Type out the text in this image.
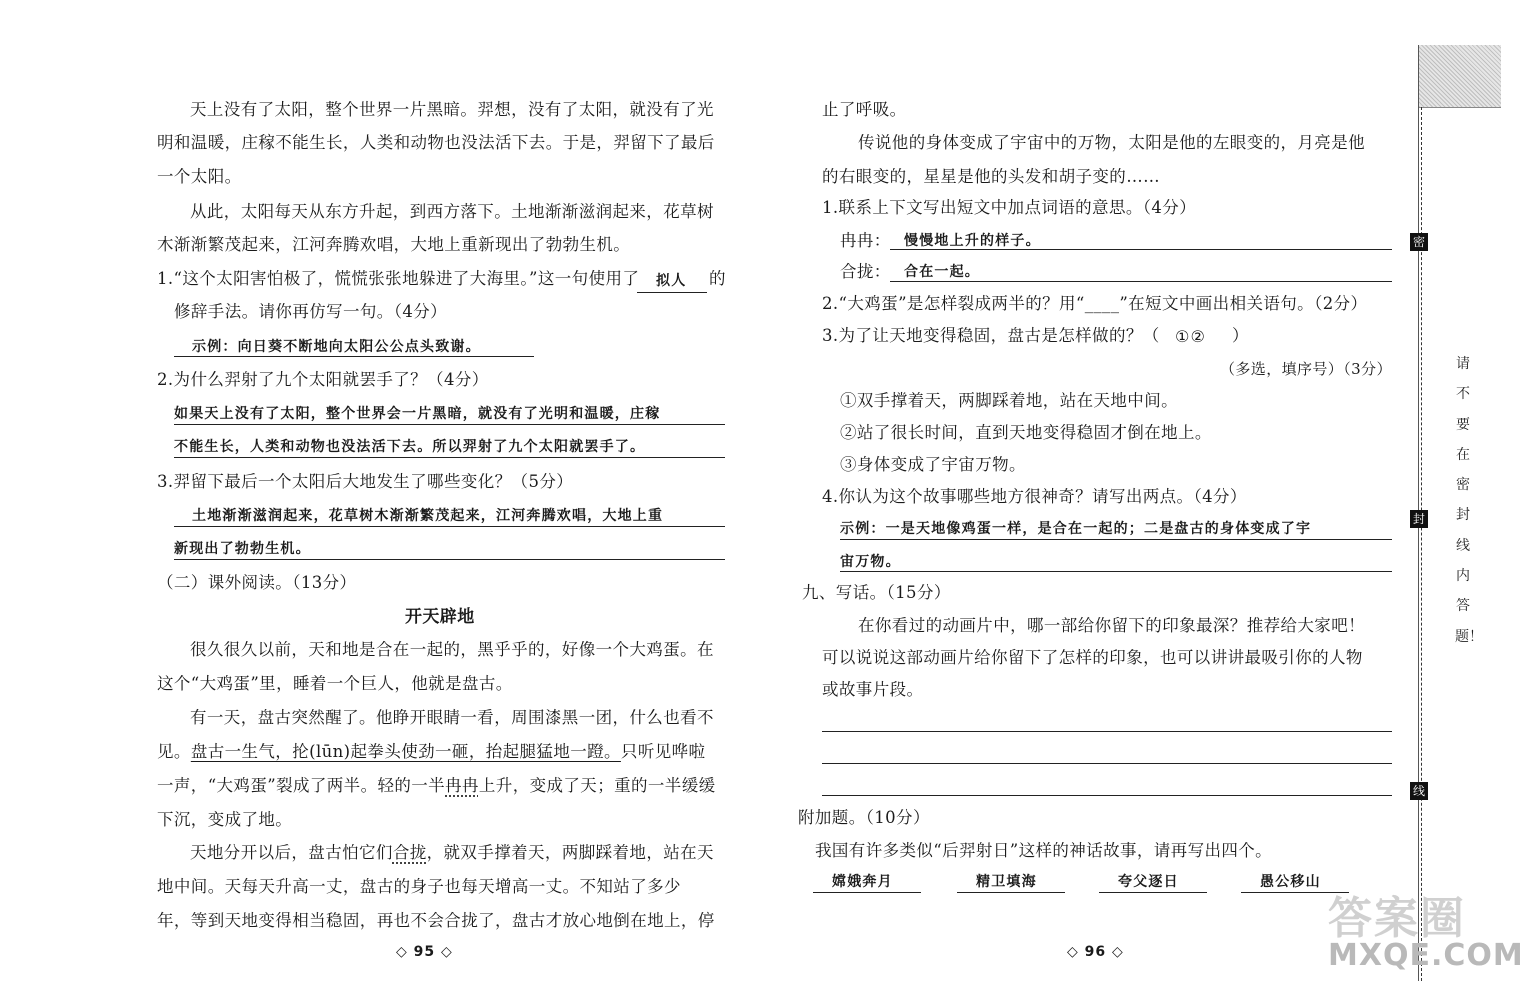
天上没有了太阳，整个世界一片黑暗。羿想，没有了太阳，就没有了光
明和温暖，庄稼不能生长，人类和动物也没法活下去。于是，羿留下了最后
一个太阳。
从此，太阳每天从东方升起，到西方落下。土地渐渐滋润起来，花草树
木渐渐繁茂起来，江河奔腾欢唱，大地上重新现出了勃勃生机。
1.“这个太阳害怕极了，慌慌张张地躲进了大海里。”这一句使用了 拟人 的
修辞手法。请你再仿写一句。（4分）
示例：向日葵不断地向太阳公公点头致谢。
2.为什么羿射了九个太阳就罢手了？（4分）
如果天上没有了太阳，整个世界会一片黑暗，就没有了光明和温暖，庄稼
不能生长，人类和动物也没法活下去。所以羿射了九个太阳就罢手了。
3.羿留下最后一个太阳后大地发生了哪些变化？（5分）
土地渐渐滋润起来，花草树木渐渐繁茂起来，江河奔腾欢唱，大地上重
新现出了勃勃生机。
（二）课外阅读。（13分）
开天辟地
很久很久以前，天和地是合在一起的，黑乎乎的，好像一个大鸡蛋。在
这个“大鸡蛋”里，睡着一个巨人，他就是盘古。
有一天，盘古突然醒了。他睁开眼睛一看，周围漆黑一团，什么也看不
见。盘古一生气，抡(lūn)起拳头使劲一砸，抬起腿猛地一蹬。只听见哗啦
一声，“大鸡蛋”裂成了两半。轻的一半冉冉上升，变成了天；重的一半缓缓
下沉，变成了地。
天地分开以后，盘古怕它们合拢，就双手撑着天，两脚踩着地，站在天
地中间。天每天升高一丈，盘古的身子也每天增高一丈。不知站了多少
年，等到天地变得相当稳固，再也不会合拢了，盘古才放心地倒在地上，停
◇ 95 ◇
止了呼吸。
传说他的身体变成了宇宙中的万物，太阳是他的左眼变的，月亮是他
的右眼变的，星星是他的头发和胡子变的……
1.联系上下文写出短文中加点词语的意思。（4分）
冉冉： 慢慢地上升的样子。
合拢： 合在一起。
2.“大鸡蛋”是怎样裂成两半的？用“____”在短文中画出相关语句。（2分）
3.为了让天地变得稳固，盘古是怎样做的？（ ①② ）
（多选，填序号）（3分）
①双手撑着天，两脚踩着地，站在天地中间。
②站了很长时间，直到天地变得稳固才倒在地上。
③身体变成了宇宙万物。
4.你认为这个故事哪些地方很神奇？请写出两点。（4分）
示例：一是天地像鸡蛋一样，是合在一起的；二是盘古的身体变成了宇
宙万物。
九、写话。（15分）
在你看过的动画片中，哪一部给你留下的印象最深？推荐给大家吧！
可以说说这部动画片给你留下了怎样的印象，也可以讲讲最吸引你的人物
或故事片段。
附加题。（10分）
我国有许多类似“后羿射日”这样的神话故事，请再写出四个。
嫦娥奔月	精卫填海	夸父逐日	愚公移山
◇ 96 ◇
密
封
线
请不要在密封线内答题！
答案圈
MXQE.COM
